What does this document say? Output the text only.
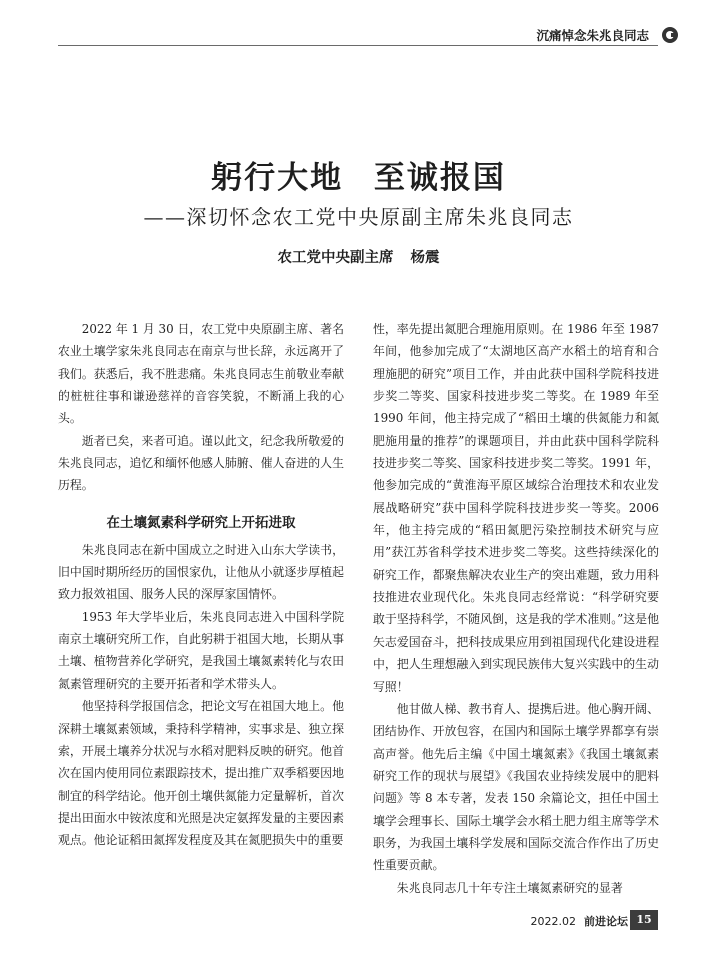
沉痛悼念朱兆良同志
躬行大地 至诚报国
——深切怀念农工党中央原副主席朱兆良同志
农工党中央副主席 杨震

2022 年 1 月 30 日，农工党中央原副主席、著名农业土壤学家朱兆良同志在南京与世长辞，永远离开了我们。获悉后，我不胜悲痛。朱兆良同志生前敬业奉献的桩桩往事和谦逊慈祥的音容笑貌，不断涌上我的心头。

逝者已矣，来者可追。谨以此文，纪念我所敬爱的朱兆良同志，追忆和缅怀他感人肺腑、催人奋进的人生历程。

在土壤氮素科学研究上开拓进取

朱兆良同志在新中国成立之时进入山东大学读书，旧中国时期所经历的国恨家仇，让他从小就逐步厚植起致力报效祖国、服务人民的深厚家国情怀。

1953 年大学毕业后，朱兆良同志进入中国科学院南京土壤研究所工作，自此躬耕于祖国大地，长期从事土壤、植物营养化学研究，是我国土壤氮素转化与农田氮素管理研究的主要开拓者和学术带头人。

他坚持科学报国信念，把论文写在祖国大地上。他深耕土壤氮素领域，秉持科学精神，实事求是、独立探索，开展土壤养分状况与水稻对肥料反映的研究。他首次在国内使用同位素跟踪技术，提出推广双季稻要因地制宜的科学结论。他开创土壤供氮能力定量解析，首次提出田面水中铵浓度和光照是决定氨挥发量的主要因素观点。他论证稻田氮挥发程度及其在氮肥损失中的重要

性，率先提出氮肥合理施用原则。在 1986 年至 1987 年间，他参加完成了“太湖地区高产水稻土的培育和合理施肥的研究”项目工作，并由此获中国科学院科技进步奖二等奖、国家科技进步奖二等奖。在 1989 年至 1990 年间，他主持完成了“稻田土壤的供氮能力和氮肥施用量的推荐”的课题项目，并由此获中国科学院科技进步奖二等奖、国家科技进步奖二等奖。1991 年，他参加完成的“黄淮海平原区域综合治理技术和农业发展战略研究”获中国科学院科技进步奖一等奖。2006 年，他主持完成的“稻田氮肥污染控制技术研究与应用”获江苏省科学技术进步奖二等奖。这些持续深化的研究工作，都聚焦解决农业生产的突出难题，致力用科技推进农业现代化。朱兆良同志经常说：“科学研究要敢于坚持科学，不随风倒，这是我的学术准则。”这是他矢志爱国奋斗，把科技成果应用到祖国现代化建设进程中，把人生理想融入到实现民族伟大复兴实践中的生动写照！

他甘做人梯、教书育人、提携后进。他心胸开阔、团结协作、开放包容，在国内和国际土壤学界都享有崇高声誉。他先后主编《中国土壤氮素》《我国土壤氮素研究工作的现状与展望》《我国农业持续发展中的肥料问题》等 8 本专著，发表 150 余篇论文，担任中国土壤学会理事长、国际土壤学会水稻土肥力组主席等学术职务，为我国土壤科学发展和国际交流合作作出了历史性重要贡献。

朱兆良同志几十年专注土壤氮素研究的显著

2022.02 前进论坛 15
